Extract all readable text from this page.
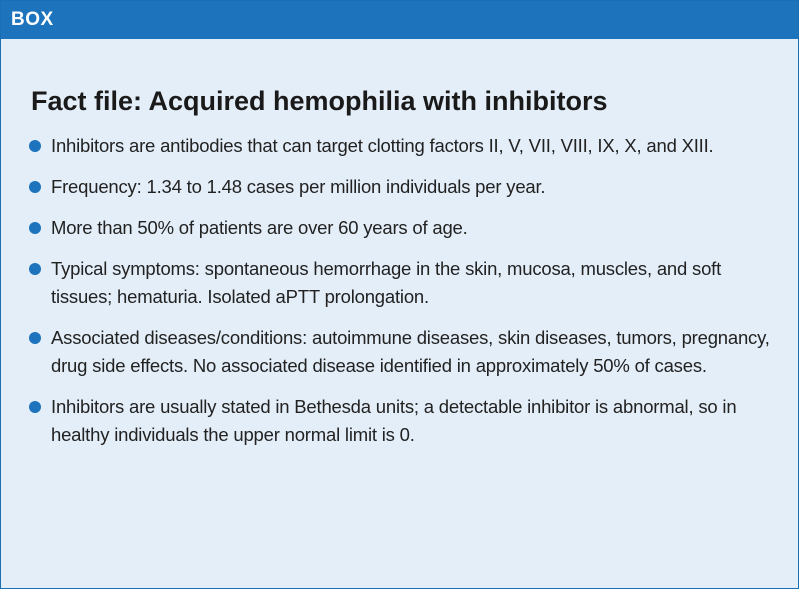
BOX
Fact file: Acquired hemophilia with inhibitors
Inhibitors are antibodies that can target clotting factors II, V, VII, VIII, IX, X, and XIII.
Frequency: 1.34 to 1.48 cases per million individuals per year.
More than 50% of patients are over 60 years of age.
Typical symptoms: spontaneous hemorrhage in the skin, mucosa, muscles, and soft tissues; hematuria. Isolated aPTT prolongation.
Associated diseases/conditions: autoimmune diseases, skin diseases, tumors, pregnancy, drug side effects. No associated disease identified in approximately 50% of cases.
Inhibitors are usually stated in Bethesda units; a detectable inhibitor is abnormal, so in healthy individuals the upper normal limit is 0.
